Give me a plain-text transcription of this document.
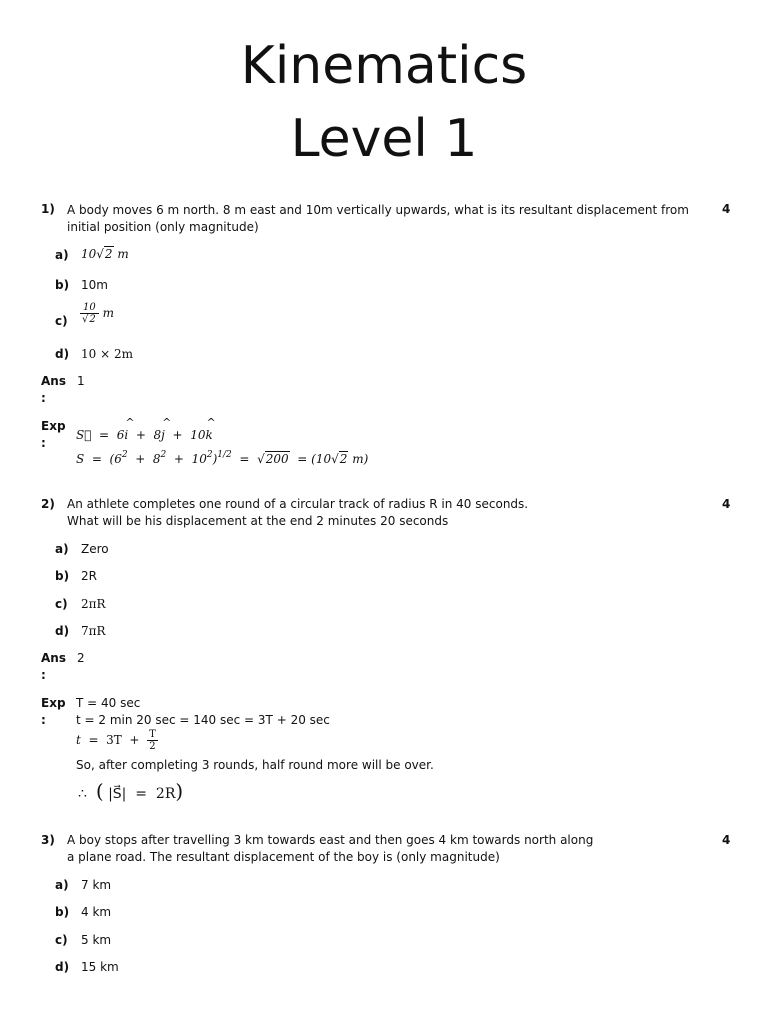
Kinematics
Level 1
1) A body moves 6 m north. 8 m east and 10m vertically upwards, what is its resultant displacement from initial position (only magnitude)
4
a) 10√2 m
b) 10m
$c) \frac{10}{√2}$ m
d) 10 × 2m
Ans
:
1
Exp
:
S⃗  =  6^ i  +  8^ j  +  10^ k
$S = (6^2 + 8^2 + 10^2)^{1/2} = √200 = (10√2$ m)
2) An athlete completes one round of a circular track of radius R in 40 seconds.
What will be his displacement at the end 2 minutes 20 seconds
4
a) Zero
b) 2R
c) 2πR
d) 7πR
Ans
:
2
Exp
:
T = 40 sec
t = 2 min 20 sec = 140 sec = 3T + 20 sec
$t = 3T + \frac{T}{2}$
So, after completing 3 rounds, half round more will be over.
∴  ( |S⃗|  =  2R)
3) A boy stops after travelling 3 km towards east and then goes 4 km towards north along
a plane road. The resultant displacement of the boy is (only magnitude)
4
a) 7 km
b) 4 km
c) 5 km
d) 15 km
